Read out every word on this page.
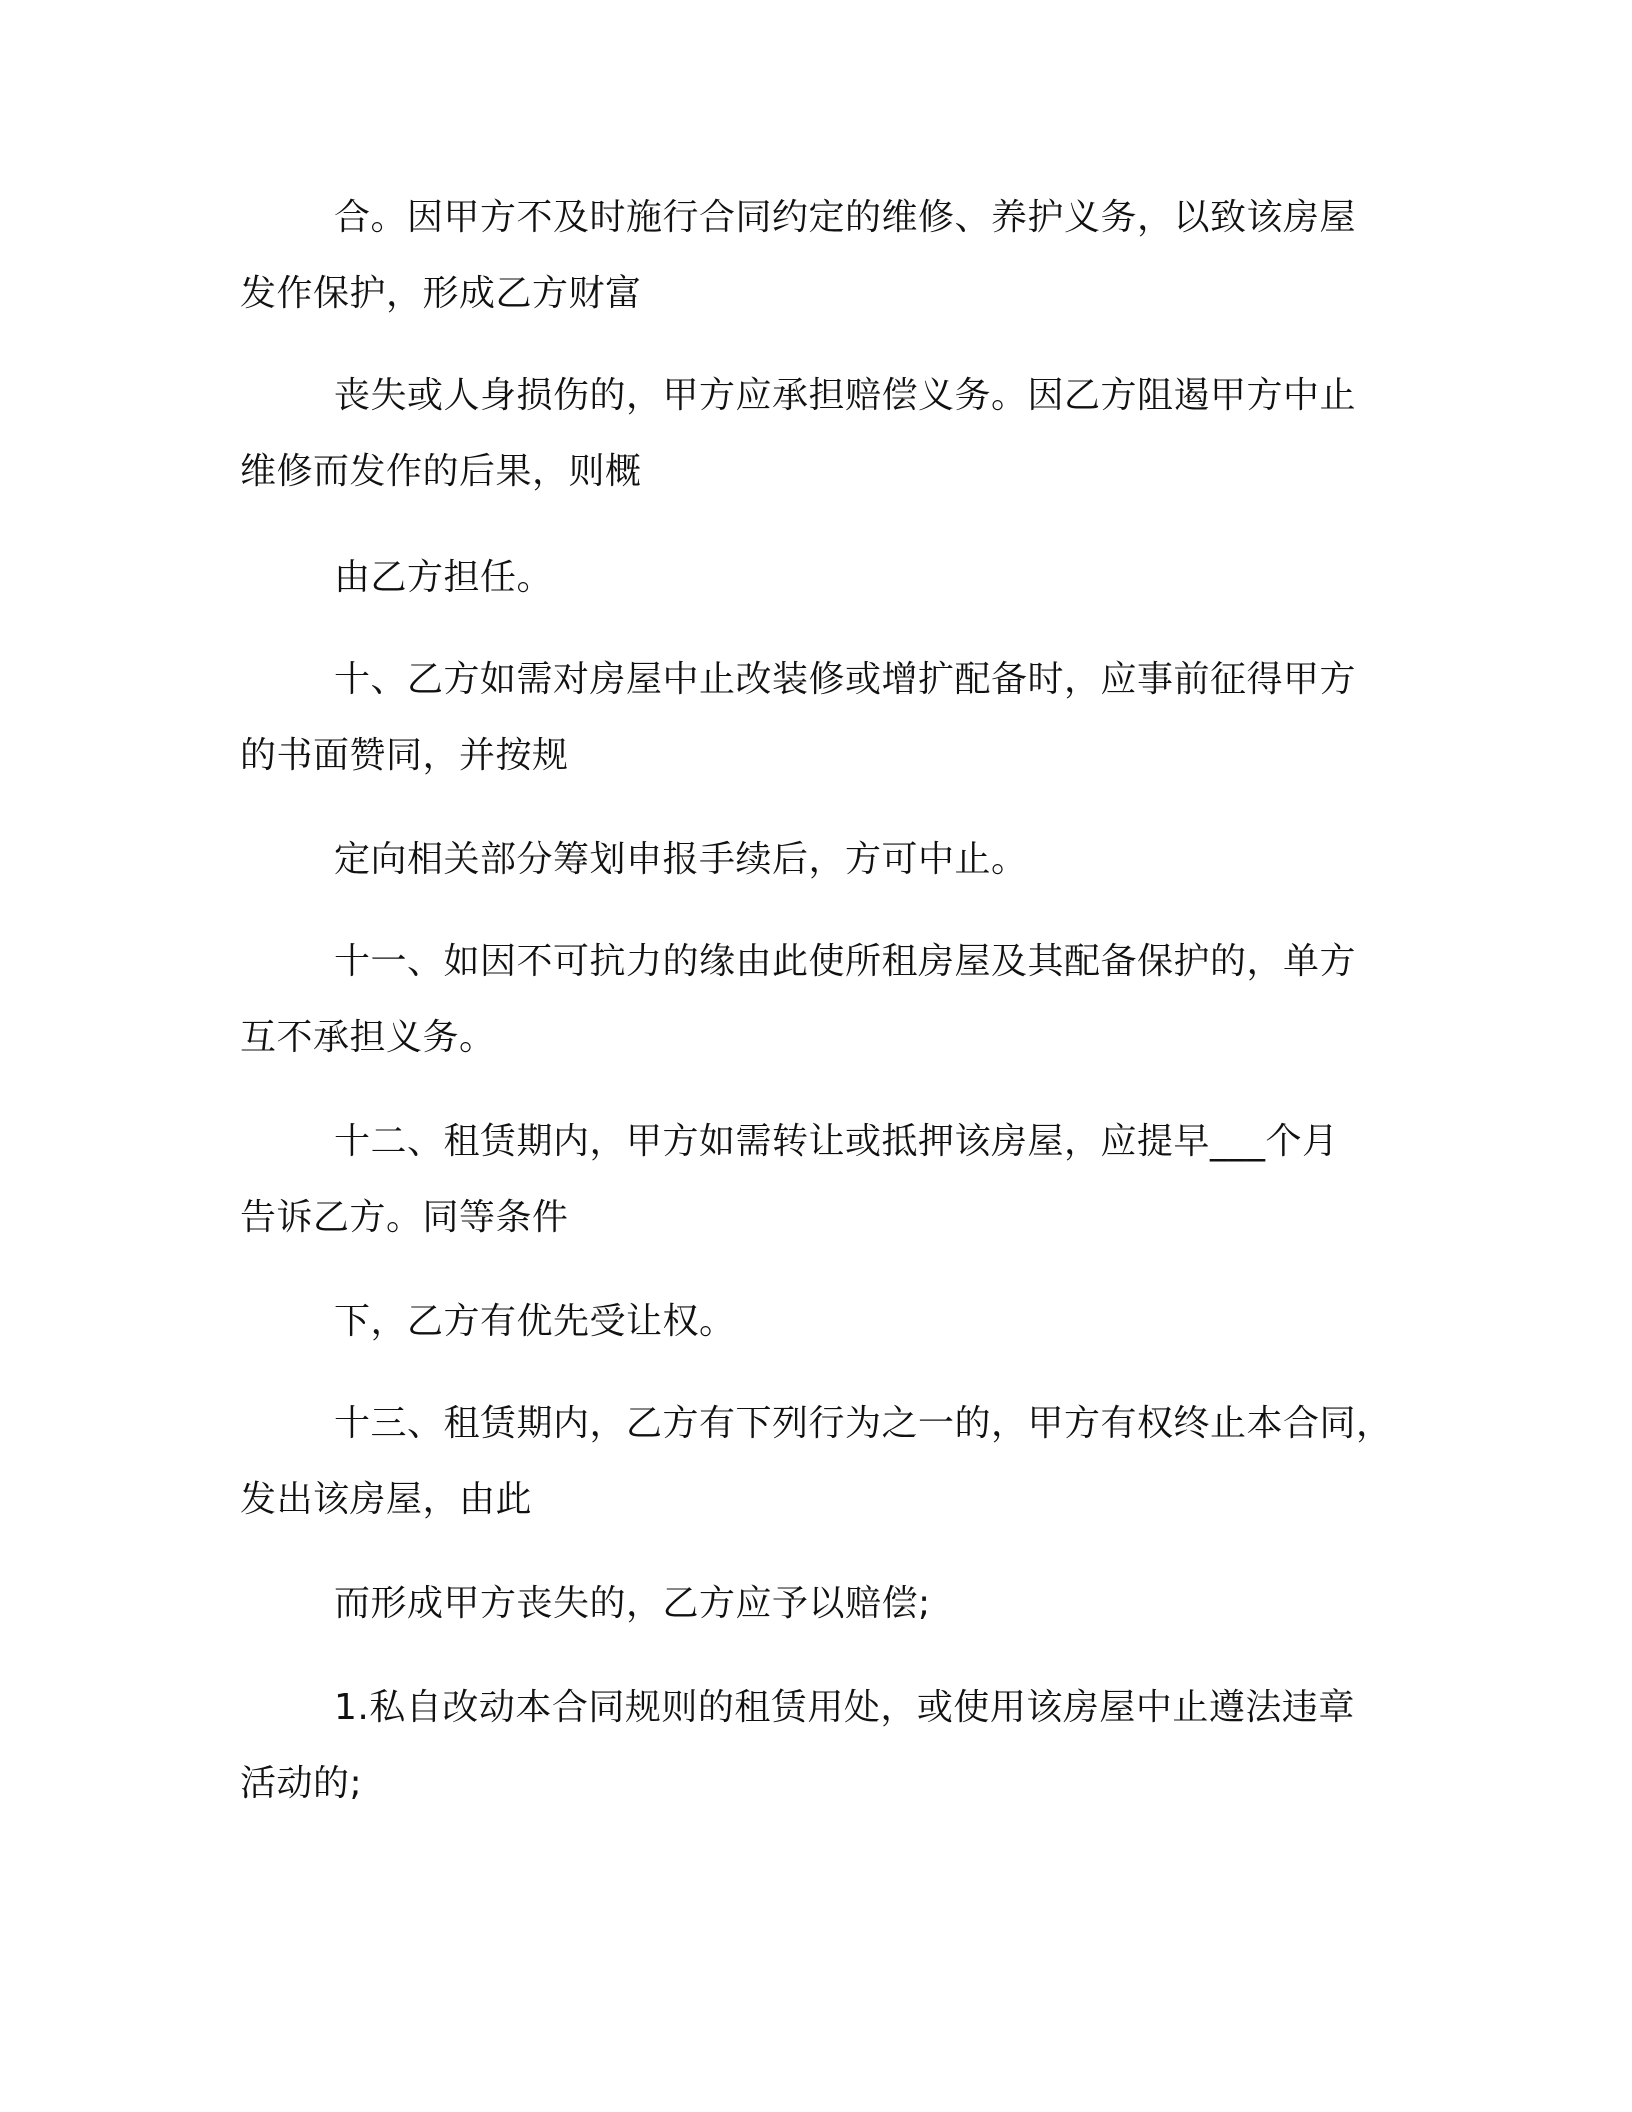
合。因甲方不及时施行合同约定的维修、养护义务，以致该房屋

发作保护，形成乙方财富

丧失或人身损伤的，甲方应承担赔偿义务。因乙方阻遏甲方中止

维修而发作的后果，则概

由乙方担任。

十、乙方如需对房屋中止改装修或增扩配备时，应事前征得甲方

的书面赞同，并按规

定向相关部分筹划申报手续后，方可中止。

十一、如因不可抗力的缘由此使所租房屋及其配备保护的，单方

互不承担义务。

十二、租赁期内，甲方如需转让或抵押该房屋，应提早___个月

告诉乙方。同等条件

下，乙方有优先受让权。

十三、租赁期内，乙方有下列行为之一的，甲方有权终止本合同，

发出该房屋，由此

而形成甲方丧失的，乙方应予以赔偿;

1.私自改动本合同规则的租赁用处，或使用该房屋中止遵法违章

活动的;
